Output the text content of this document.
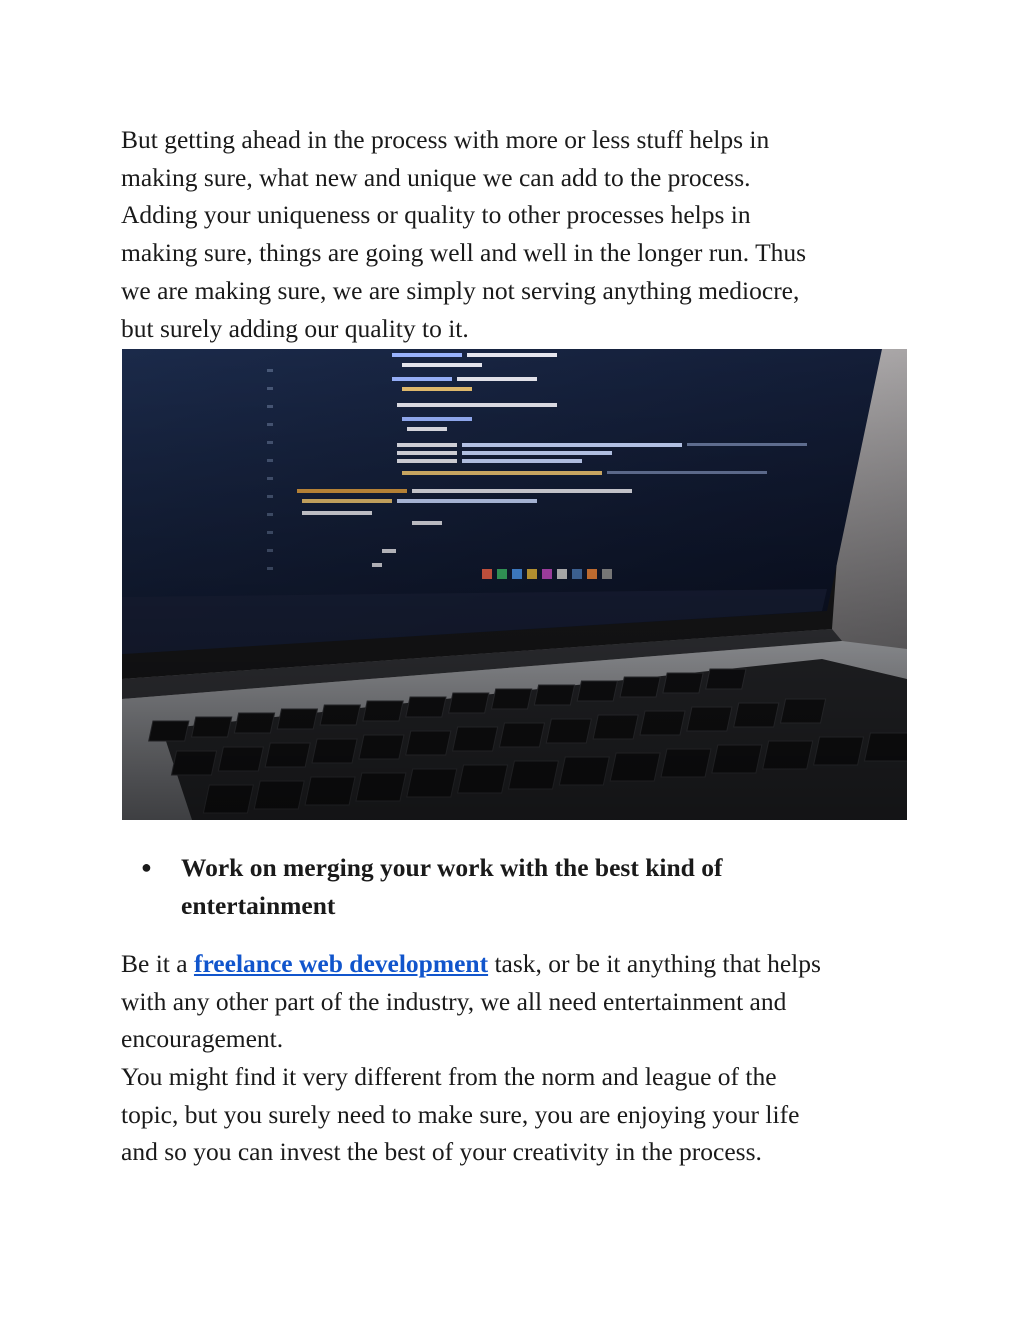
But getting ahead in the process with more or less stuff helps in
making sure, what new and unique we can add to the process.
Adding your uniqueness or quality to other processes helps in
making sure, things are going well and well in the longer run. Thus
we are making sure, we are simply not serving anything mediocre,
but surely adding our quality to it.

● Work on merging your work with the best kind of
entertainment

Be it a freelance web development task, or be it anything that helps
with any other part of the industry, we all need entertainment and
encouragement.

You might find it very different from the norm and league of the
topic, but you surely need to make sure, you are enjoying your life
and so you can invest the best of your creativity in the process.
